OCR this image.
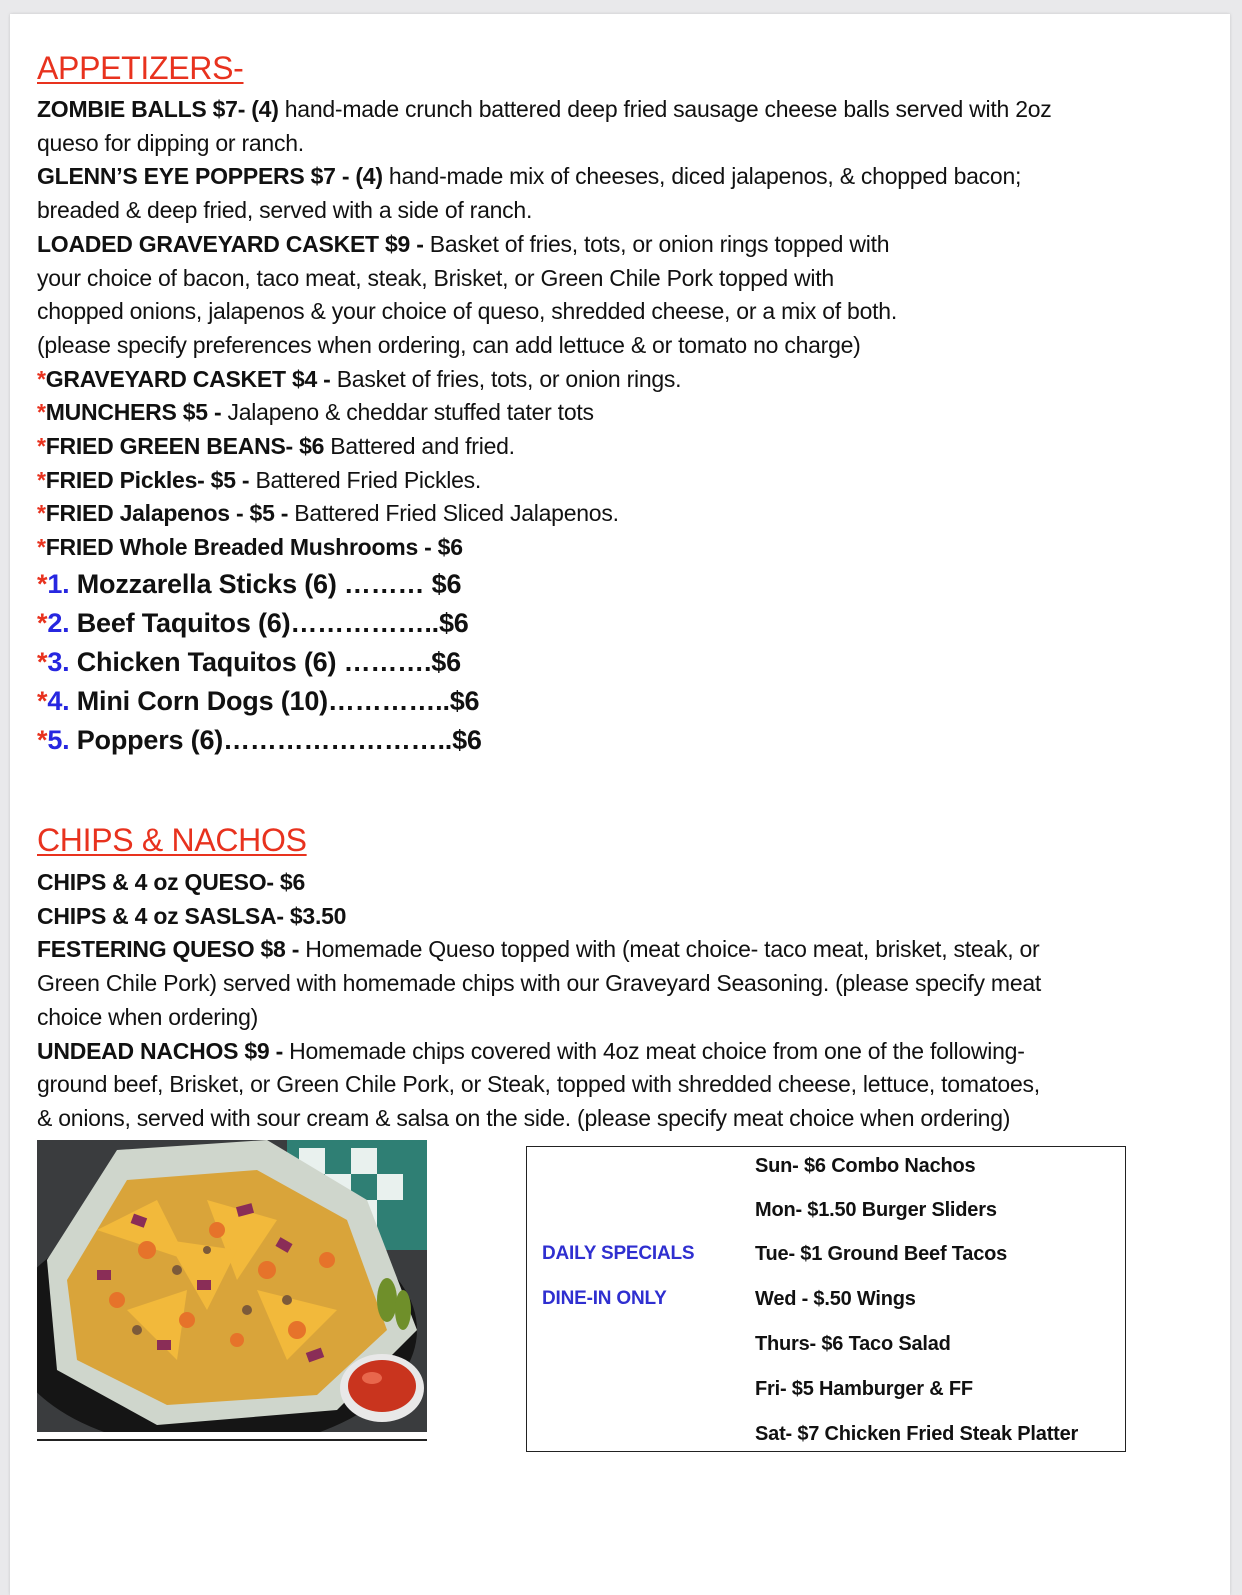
APPETIZERS-
ZOMBIE BALLS $7- (4) hand-made crunch battered deep fried sausage cheese balls served with 2oz
queso for dipping or ranch.
GLENN’S EYE POPPERS $7 - (4) hand-made mix of cheeses, diced jalapenos, & chopped bacon;
breaded & deep fried, served with a side of ranch.
LOADED GRAVEYARD CASKET $9 - Basket of fries, tots, or onion rings topped with
your choice of bacon, taco meat, steak, Brisket, or Green Chile Pork topped with
chopped onions, jalapenos & your choice of queso, shredded cheese, or a mix of both.
(please specify preferences when ordering, can add lettuce & or tomato no charge)
*GRAVEYARD CASKET $4 - Basket of fries, tots, or onion rings.
*MUNCHERS $5 - Jalapeno & cheddar stuffed tater tots
*FRIED GREEN BEANS- $6 Battered and fried.
*FRIED Pickles- $5 - Battered Fried Pickles.
*FRIED Jalapenos - $5 - Battered Fried Sliced Jalapenos.
*FRIED Whole Breaded Mushrooms - $6
*1. Mozzarella Sticks (6) ……… $6
*2. Beef Taquitos (6)……………..$6
*3. Chicken Taquitos (6) ……….$6
*4. Mini Corn Dogs (10)…………..$6
*5. Poppers (6)……………………..$6
CHIPS & NACHOS
CHIPS & 4 oz QUESO- $6
CHIPS & 4 oz SASLSA- $3.50
FESTERING QUESO $8 - Homemade Queso topped with (meat choice- taco meat, brisket, steak, or
Green Chile Pork) served with homemade chips with our Graveyard Seasoning. (please specify meat
choice when ordering)
UNDEAD NACHOS $9 - Homemade chips covered with 4oz meat choice from one of the following-
ground beef, Brisket, or Green Chile Pork, or Steak, topped with shredded cheese, lettuce, tomatoes,
& onions, served with sour cream & salsa on the side. (please specify meat choice when ordering)
DAILY SPECIALS
DINE-IN ONLY
Sun- $6 Combo Nachos
Mon- $1.50 Burger Sliders
Tue- $1 Ground Beef Tacos
Wed - $.50 Wings
Thurs- $6 Taco Salad
Fri- $5 Hamburger & FF
Sat- $7 Chicken Fried Steak Platter
